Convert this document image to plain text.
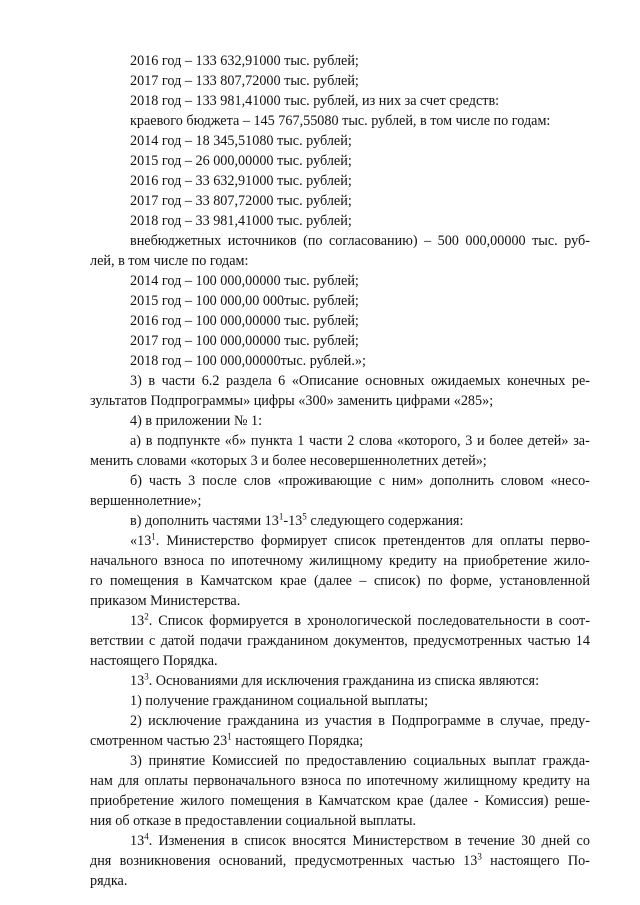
2016 год – 133 632,91000 тыс. рублей;
2017 год – 133 807,72000 тыс. рублей;
2018 год – 133 981,41000 тыс. рублей, из них за счет средств:
краевого бюджета – 145 767,55080 тыс. рублей, в том числе по годам:
2014 год – 18 345,51080 тыс. рублей;
2015 год – 26 000,00000 тыс. рублей;
2016 год – 33 632,91000 тыс. рублей;
2017 год – 33 807,72000 тыс. рублей;
2018 год – 33 981,41000 тыс. рублей;
внебюджетных источников (по согласованию) – 500 000,00000 тыс. руб-
лей, в том числе по годам:
2014 год – 100 000,00000 тыс. рублей;
2015 год – 100 000,00 000тыс. рублей;
2016 год – 100 000,00000 тыс. рублей;
2017 год – 100 000,00000 тыс. рублей;
2018 год – 100 000,00000тыс. рублей.»;
3) в части 6.2 раздела 6 «Описание основных ожидаемых конечных ре-
зультатов Подпрограммы» цифры «300» заменить цифрами «285»;
4) в приложении № 1:
а) в подпункте «б» пункта 1 части 2 слова «которого, 3 и более детей» за-
менить словами «которых 3 и более несовершеннолетних детей»;
б) часть 3 после слов «проживающие с ним» дополнить словом «несо-
вершеннолетние»;
в) дополнить частями $13^1-13^5$ следующего содержания:
«$13^1$. Министерство формирует список претендентов для оплаты перво-
начального взноса по ипотечному жилищному кредиту на приобретение жило-
го помещения в Камчатском крае (далее – список) по форме, установленной
приказом Министерства.
$13^2$. Список формируется в хронологической последовательности в соот-
ветствии с датой подачи гражданином документов, предусмотренных частью 14
настоящего Порядка.
$13^3$. Основаниями для исключения гражданина из списка являются:
1) получение гражданином социальной выплаты;
2) исключение гражданина из участия в Подпрограмме в случае, преду-
смотренном частью $23^1$ настоящего Порядка;
3) принятие Комиссией по предоставлению социальных выплат гражда-
нам для оплаты первоначального взноса по ипотечному жилищному кредиту на
приобретение жилого помещения в Камчатском крае (далее - Комиссия) реше-
ния об отказе в предоставлении социальной выплаты.
$13^4$. Изменения в список вносятся Министерством в течение 30 дней со
дня возникновения оснований, предусмотренных частью $13^3$ настоящего По-
рядка.
